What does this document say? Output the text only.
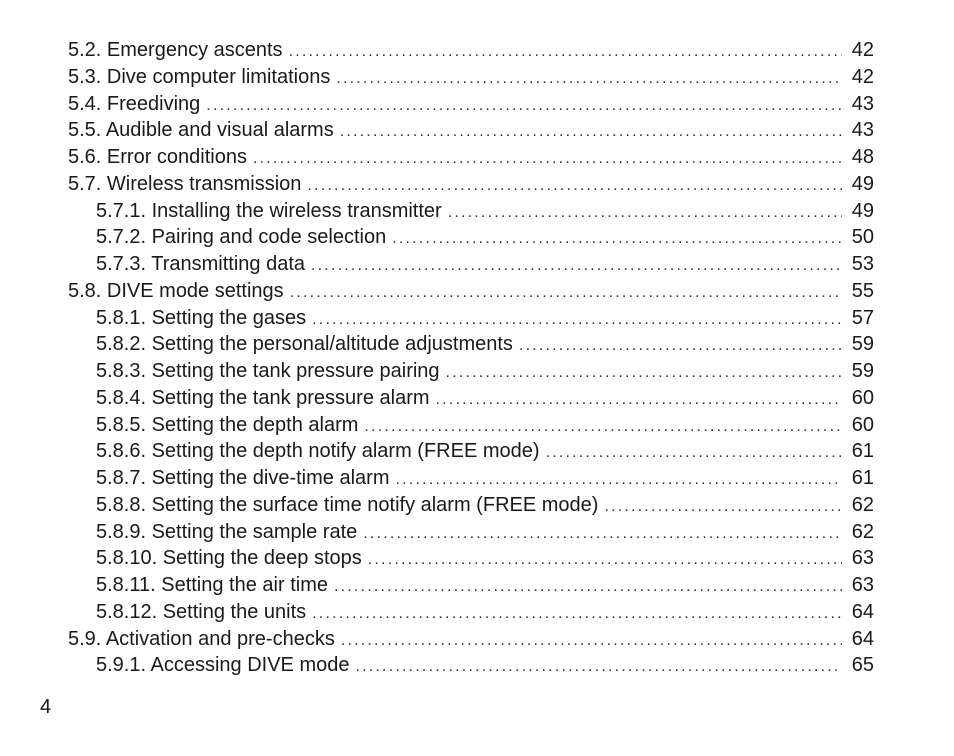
5.2. Emergency ascents .....	42
5.3. Dive computer limitations .....	42
5.4. Freediving .....	43
5.5. Audible and visual alarms .....	43
5.6. Error conditions .....	48
5.7. Wireless transmission .....	49
5.7.1. Installing the wireless transmitter .....	49
5.7.2. Pairing and code selection .....	50
5.7.3. Transmitting data .....	53
5.8. DIVE mode settings .....	55
5.8.1. Setting the gases .....	57
5.8.2. Setting the personal/altitude adjustments .....	59
5.8.3. Setting the tank pressure pairing .....	59
5.8.4. Setting the tank pressure alarm .....	60
5.8.5. Setting the depth alarm .....	60
5.8.6. Setting the depth notify alarm (FREE mode) .....	61
5.8.7. Setting the dive-time alarm .....	61
5.8.8. Setting the surface time notify alarm (FREE mode) .....	62
5.8.9. Setting the sample rate .....	62
5.8.10. Setting the deep stops .....	63
5.8.11. Setting the air time .....	63
5.8.12. Setting the units .....	64
5.9. Activation and pre-checks .....	64
5.9.1. Accessing DIVE mode .....	65
4
